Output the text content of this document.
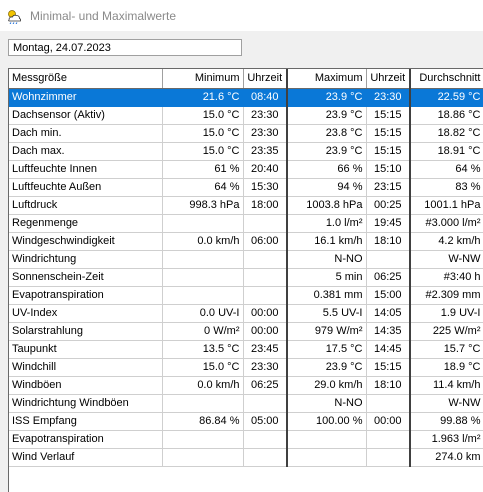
Minimal- und Maximalwerte
Montag, 24.07.2023
Messgröße	Minimum	Uhrzeit	Maximum	Uhrzeit	Durchschnitt
Wohnzimmer	21.6 °C	08:40	23.9 °C	23:30	22.59 °C
Dachsensor (Aktiv)	15.0 °C	23:30	23.9 °C	15:15	18.86 °C
Dach min.	15.0 °C	23:30	23.8 °C	15:15	18.82 °C
Dach max.	15.0 °C	23:35	23.9 °C	15:15	18.91 °C
Luftfeuchte Innen	61 %	20:40	66 %	15:10	64 %
Luftfeuchte Außen	64 %	15:30	94 %	23:15	83 %
Luftdruck	998.3 hPa	18:00	1003.8 hPa	00:25	1001.1 hPa
Regenmenge			1.0 l/m²	19:45	#3.000 l/m²
Windgeschwindigkeit	0.0 km/h	06:00	16.1 km/h	18:10	4.2 km/h
Windrichtung			N-NO		W-NW
Sonnenschein-Zeit			5 min	06:25	#3:40 h
Evapotranspiration			0.381 mm	15:00	#2.309 mm
UV-Index	0.0 UV-I	00:00	5.5 UV-I	14:05	1.9 UV-I
Solarstrahlung	0 W/m²	00:00	979 W/m²	14:35	225 W/m²
Taupunkt	13.5 °C	23:45	17.5 °C	14:45	15.7 °C
Windchill	15.0 °C	23:30	23.9 °C	15:15	18.9 °C
Windböen	0.0 km/h	06:25	29.0 km/h	18:10	11.4 km/h
Windrichtung Windböen			N-NO		W-NW
ISS Empfang	86.84 %	05:00	100.00 %	00:00	99.88 %
Evapotranspiration					1.963 l/m²
Wind Verlauf					274.0 km
